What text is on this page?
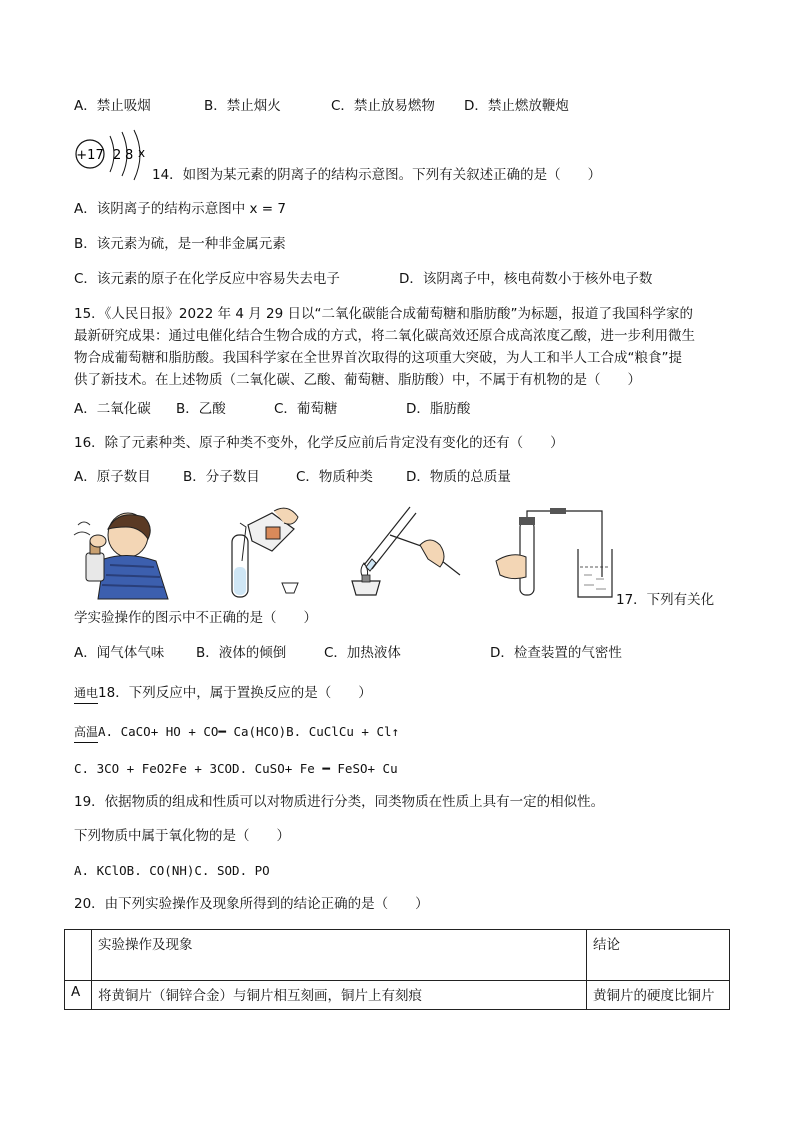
A．禁止吸烟	B．禁止烟火	C．禁止放易燃物 D．禁止燃放鞭炮
+17 2 8 x
14．如图为某元素的阴离子的结构示意图。下列有关叙述正确的是（　　）
A．该阴离子的结构示意图中 x = 7
B．该元素为硫，是一种非金属元素
C．该元素的原子在化学反应中容易失去电子	D．该阴离子中，核电荷数小于核外电子数
15．《人民日报》2022 年 4 月 29 日以“二氧化碳能合成葡萄糖和脂肪酸”为标题，报道了我国科学家的
最新研究成果：通过电催化结合生物合成的方式，将二氧化碳高效还原合成高浓度乙酸，进一步利用微生
物合成葡萄糖和脂肪酸。我国科学家在全世界首次取得的这项重大突破，为人工和半人工合成“粮食”提
供了新技术。在上述物质（二氧化碳、乙酸、葡萄糖、脂肪酸）中，不属于有机物的是（　　）
A．二氧化碳 B．乙酸	C．葡萄糖	D．脂肪酸
16．除了元素种类、原子种类不变外，化学反应前后肯定没有变化的还有（　　）
A．原子数目 B．分子数目	C．物质种类 D．物质的总质量
17．下列有关化
学实验操作的图示中不正确的是（　　）
A．闻气体气味 B．液体的倾倒	C．加热液体	D．检查装置的气密性
通电18．下列反应中，属于置换反应的是（　　）
高温A. CaCO+ HO + CO━ Ca(HCO)B. CuClCu + Cl↑
C. 3CO + FeO2Fe + 3COD. CuSO+ Fe ━ FeSO+ Cu
19．依据物质的组成和性质可以对物质进行分类，同类物质在性质上具有一定的相似性。
下列物质中属于氧化物的是（　　）
A. KClOB. CO(NH)C. SOD. PO
20．由下列实验操作及现象所得到的结论正确的是（　　）
	实验操作及现象	结论
A	将黄铜片（铜锌合金）与铜片相互刻画，铜片上有刻痕	黄铜片的硬度比铜片
